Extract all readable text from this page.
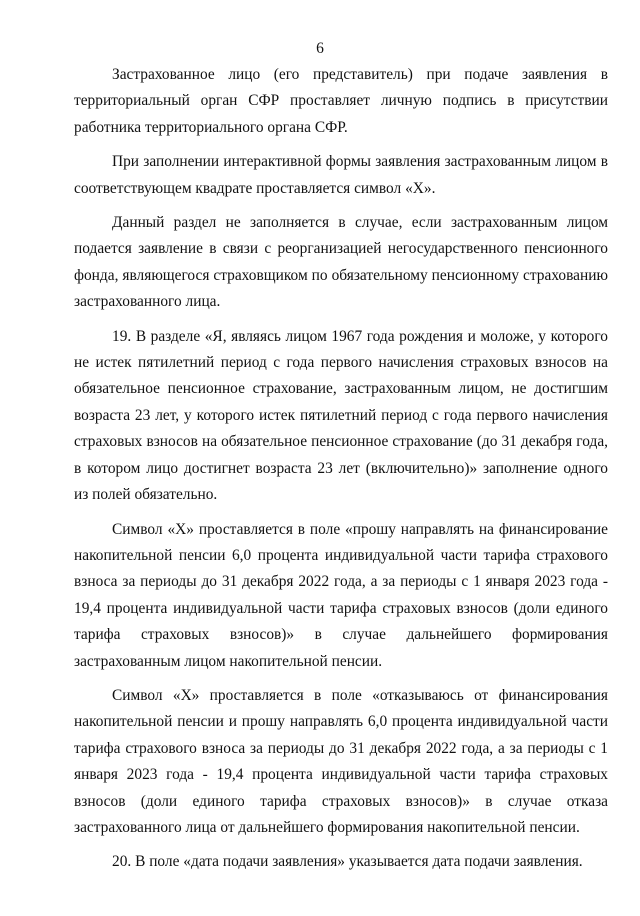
6

Застрахованное лицо (его представитель) при подаче заявления в территориальный орган СФР проставляет личную подпись в присутствии работника территориального органа СФР.

При заполнении интерактивной формы заявления застрахованным лицом в соответствующем квадрате проставляется символ «X».

Данный раздел не заполняется в случае, если застрахованным лицом подается заявление в связи с реорганизацией негосударственного пенсионного фонда, являющегося страховщиком по обязательному пенсионному страхованию застрахованного лица.

19. В разделе «Я, являясь лицом 1967 года рождения и моложе, у которого не истек пятилетний период с года первого начисления страховых взносов на обязательное пенсионное страхование, застрахованным лицом, не достигшим возраста 23 лет, у которого истек пятилетний период с года первого начисления страховых взносов на обязательное пенсионное страхование (до 31 декабря года, в котором лицо достигнет возраста 23 лет (включительно)» заполнение одного из полей обязательно.

Символ «X» проставляется в поле «прошу направлять на финансирование накопительной пенсии 6,0 процента индивидуальной части тарифа страхового взноса за периоды до 31 декабря 2022 года, а за периоды с 1 января 2023 года - 19,4 процента индивидуальной части тарифа страховых взносов (доли единого тарифа страховых взносов)» в случае дальнейшего формирования застрахованным лицом накопительной пенсии.

Символ «X» проставляется в поле «отказываюсь от финансирования накопительной пенсии и прошу направлять 6,0 процента индивидуальной части тарифа страхового взноса за периоды до 31 декабря 2022 года, а за периоды с 1 января 2023 года - 19,4 процента индивидуальной части тарифа страховых взносов (доли единого тарифа страховых взносов)» в случае отказа застрахованного лица от дальнейшего формирования накопительной пенсии.

20. В поле «дата подачи заявления» указывается дата подачи заявления.
